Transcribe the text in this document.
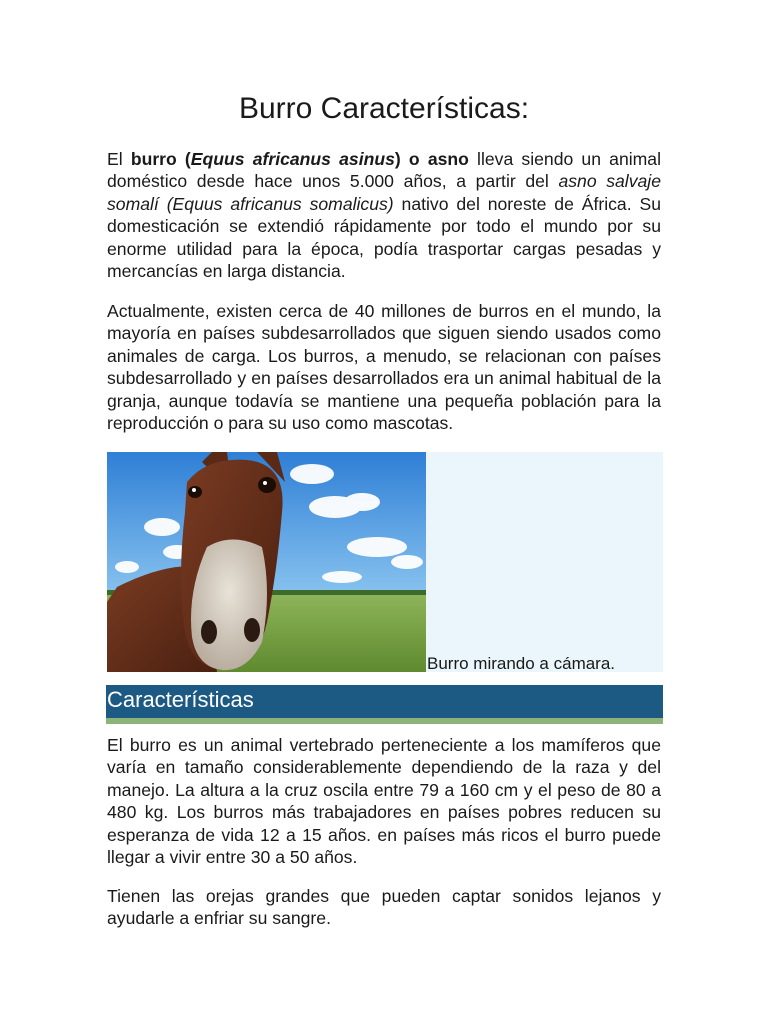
Burro Características:

El burro (Equus africanus asinus) o asno lleva siendo un animal doméstico desde hace unos 5.000 años, a partir del asno salvaje somalí (Equus africanus somalicus) nativo del noreste de África. Su domesticación se extendió rápidamente por todo el mundo por su enorme utilidad para la época, podía trasportar cargas pesadas y mercancías en larga distancia.

Actualmente, existen cerca de 40 millones de burros en el mundo, la mayoría en países subdesarrollados que siguen siendo usados como animales de carga. Los burros, a menudo, se relacionan con países subdesarrollado y en países desarrollados era un animal habitual de la granja, aunque todavía se mantiene una pequeña población para la reproducción o para su uso como mascotas.

Burro mirando a cámara.
Características

El burro es un animal vertebrado perteneciente a los mamíferos que varía en tamaño considerablemente dependiendo de la raza y del manejo. La altura a la cruz oscila entre 79 a 160 cm y el peso de 80 a 480 kg. Los burros más trabajadores en países pobres reducen su esperanza de vida 12 a 15 años. en países más ricos el burro puede llegar a vivir entre 30 a 50 años.

Tienen las orejas grandes que pueden captar sonidos lejanos y ayudarle a enfriar su sangre.
